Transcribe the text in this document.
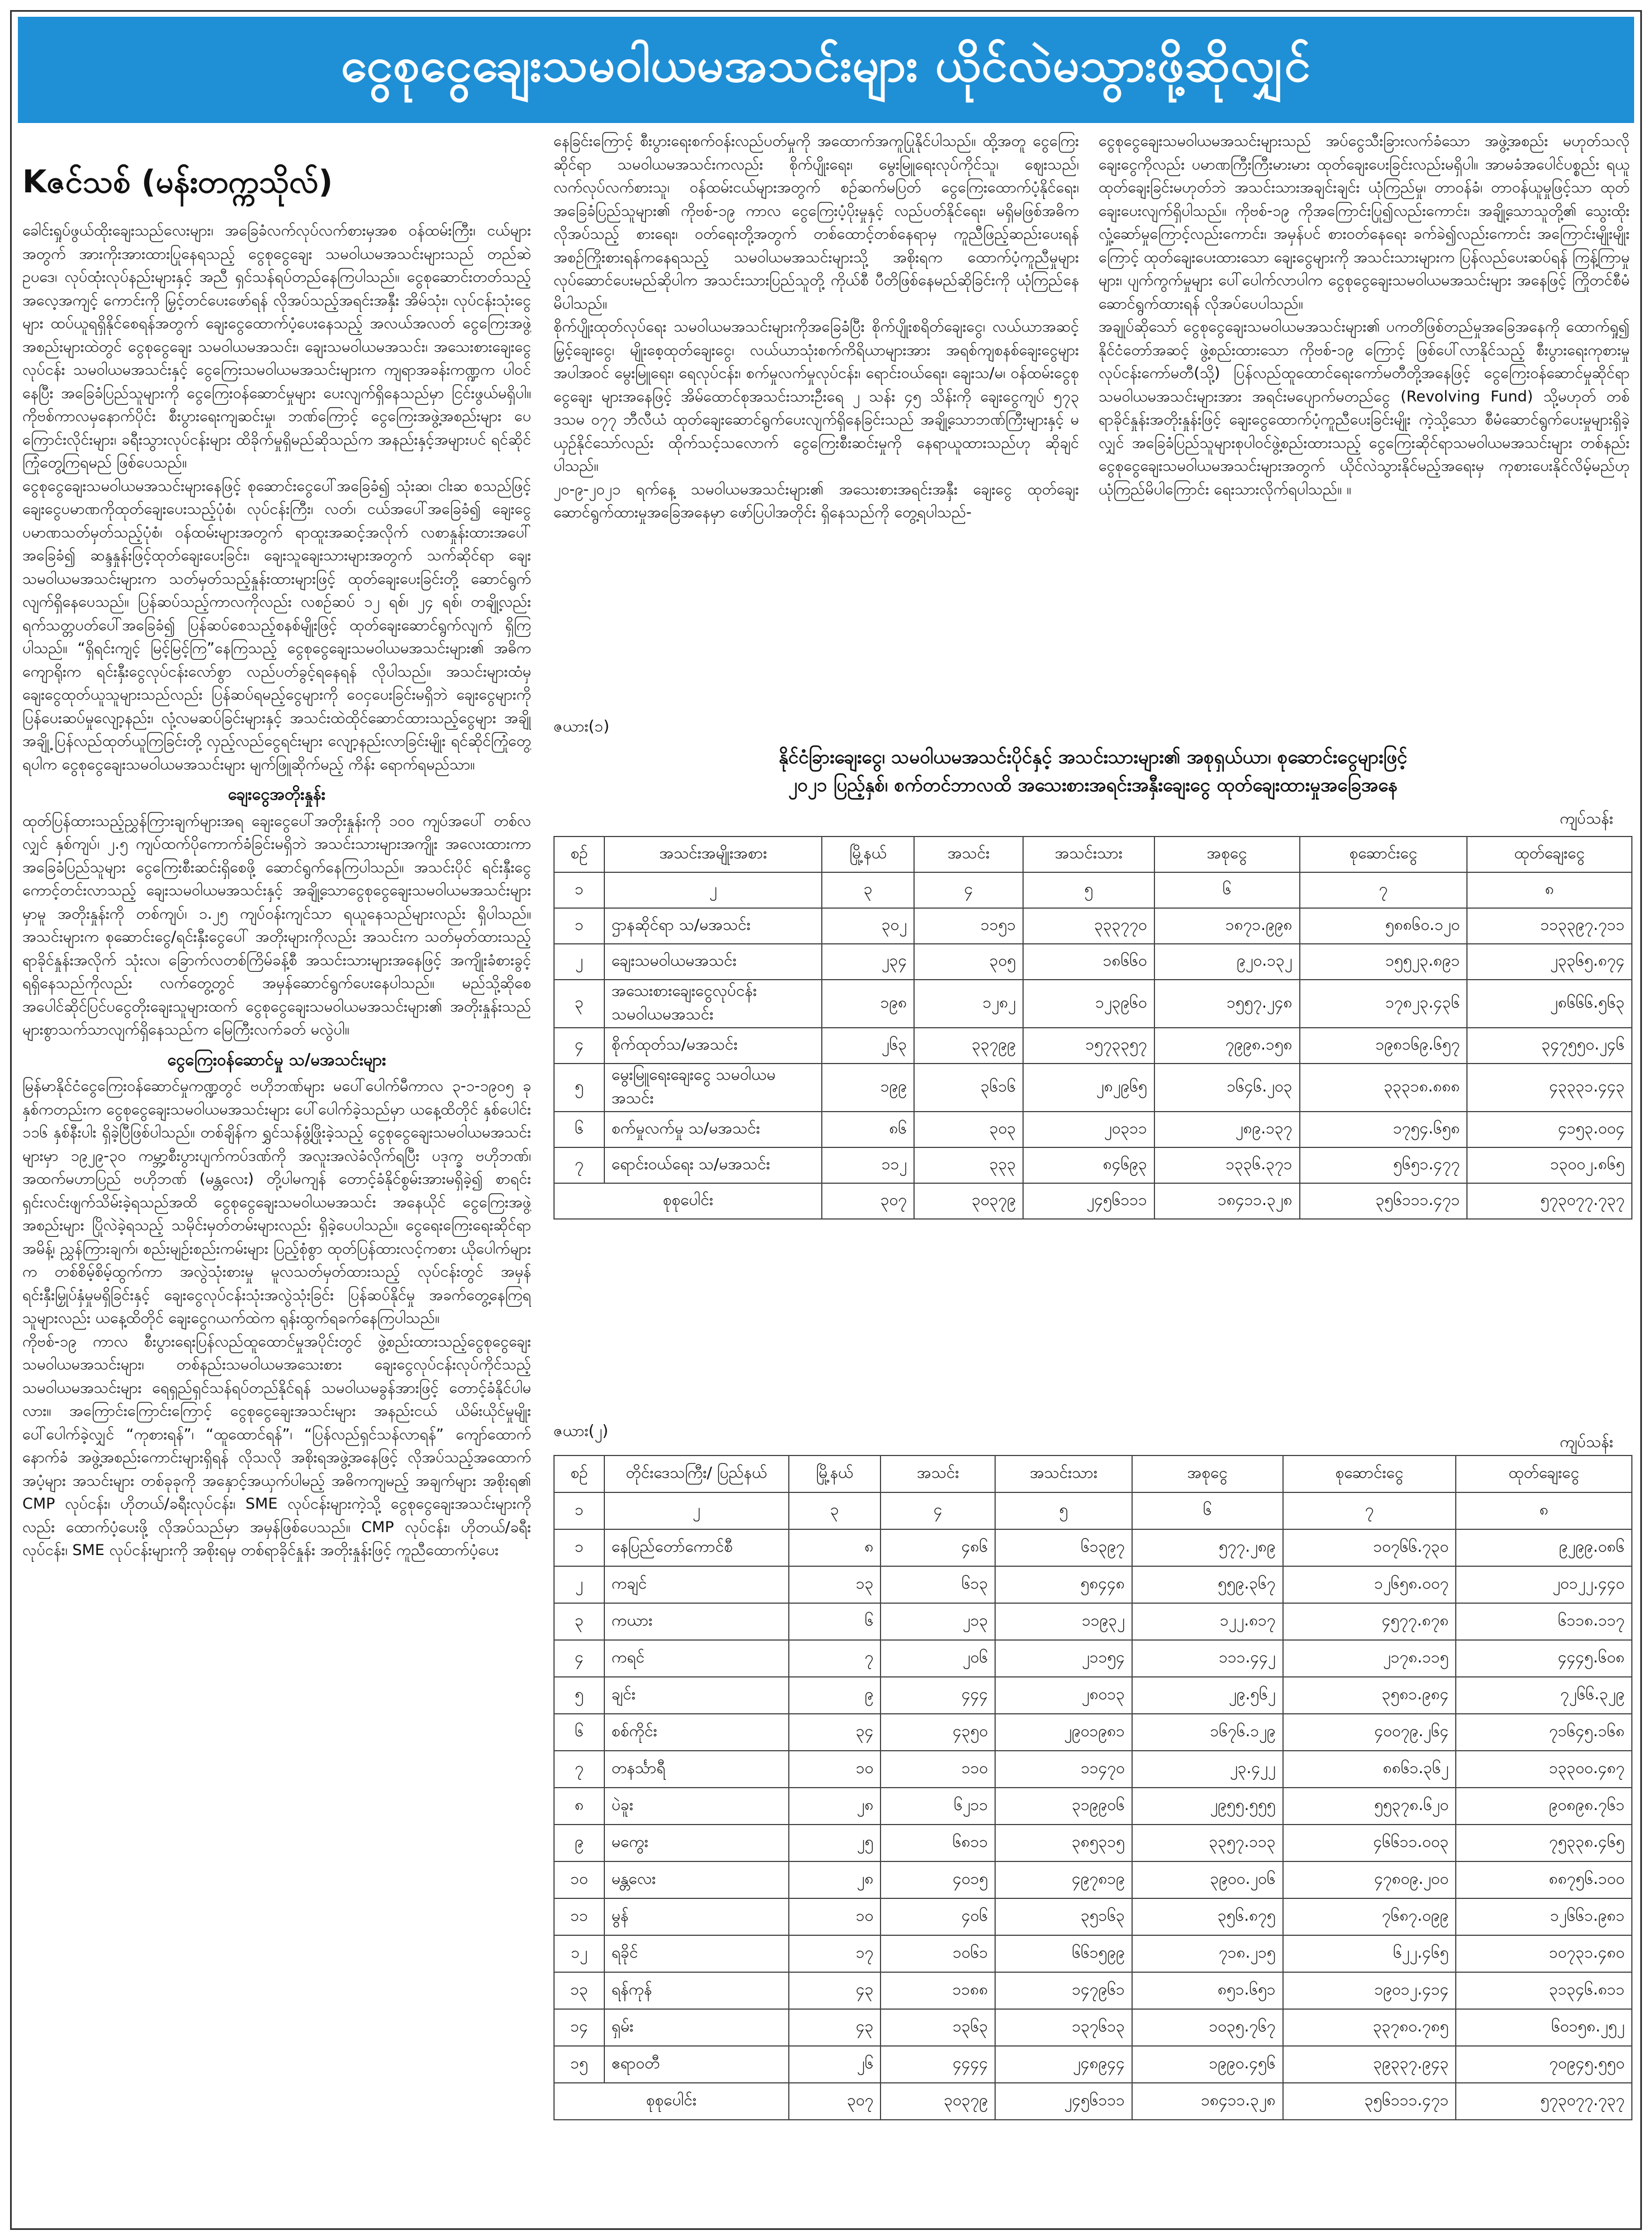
ငွေစုငွေချေးသမဝါယမအသင်းများ ယိုင်လဲမသွားဖို့ဆိုလျှင်
Kဇင်သစ် (မန်းတက္ကသိုလ်)

ခေါင်းရှုပ်ဖွယ်ထိုးချေးသည်လေးများ၊ အခြေခံလက်လုပ်လက်စားမှအစ ဝန်ထမ်းကြီး၊ ငယ်များအတွက် အားကိုးအားထားပြုနေရသည့် ငွေစုငွေချေး သမဝါယမအသင်းများသည် တည်ဆဲဥပဒေ၊ လုပ်ထုံးလုပ်နည်းများနှင့် အညီ ရှင်သန်ရပ်တည်နေကြပါသည်။ ငွေစုဆောင်းတတ်သည့် အလေ့အကျင့် ကောင်းကို မြှင့်တင်ပေးဖော်ရန် လိုအပ်သည့်အရင်းအနှီး အိမ်သုံး၊ လုပ်ငန်းသုံးငွေများ ထပ်ယူရရှိနိုင်စေရန်အတွက် ချေးငွေထောက်ပံ့ပေးနေသည့် အလယ်အလတ် ငွေကြေးအဖွဲ့အစည်းများထဲတွင် ငွေစုငွေချေး သမဝါယမအသင်း၊ ချေးသမဝါယမအသင်း၊ အသေးစားချေးငွေလုပ်ငန်း သမဝါယမအသင်းနှင့် ငွေကြေးသမဝါယမအသင်းများက ကျရာအခန်းကဏ္ဍက ပါဝင်နေပြီး အခြေခံပြည်သူများကို ငွေကြေးဝန်ဆောင်မှုများ ပေးလျက်ရှိနေသည်မှာ ငြင်းဖွယ်မရှိပါ။ ကိုဗစ်ကာလမှနောက်ပိုင်း စီးပွားရေးကျဆင်းမှု၊ ဘဏ်ကြောင့် ငွေကြေးအဖွဲ့အစည်းများ ပေကြောင်းလိုင်းများ၊ ခရီးသွားလုပ်ငန်းများ ထိခိုက်မှုရှိမည်ဆိုသည်က အနည်းနှင့်အများပင် ရင်ဆိုင်ကြုံတွေ့ကြရမည် ဖြစ်ပေသည်။

ငွေစုငွေချေးသမဝါယမအသင်းများနေဖြင့် စုဆောင်းငွေပေါ်အခြေခံ၍ သုံးဆ၊ ငါးဆ စသည်ဖြင့် ချေးငွေပမာဏကိုထုတ်ချေးပေးသည့်ပုံစံ၊ လုပ်ငန်းကြီး၊ လတ်၊ ငယ်အပေါ်အခြေခံ၍ ချေးငွေပမာဏသတ်မှတ်သည့်ပုံစံ၊ ဝန်ထမ်းများအတွက် ရာထူးအဆင့်အလိုက် လစာနှုန်းထားအပေါ် အခြေခံ၍ ဆန္ဒနှုန်းဖြင့်ထုတ်ချေးပေးခြင်း၊ ချေးသူချေးသားများအတွက် သက်ဆိုင်ရာ ချေးသမဝါယမအသင်းများက သတ်မှတ်သည့်နှုန်းထားများဖြင့် ထုတ်ချေးပေးခြင်းတို့ ဆောင်ရွက်လျက်ရှိနေပေသည်။ ပြန်ဆပ်သည့်ကာလကိုလည်း လစဉ်ဆပ် ၁၂ ရစ်၊ ၂၄ ရစ်၊ တချို့လည်း ရက်သတ္တပတ်ပေါ်အခြေခံ၍ ပြန်ဆပ်စေသည့်စနစ်မျိုးဖြင့် ထုတ်ချေးဆောင်ရွက်လျက် ရှိကြပါသည်။ “ရှိရင်းကျင့် မြင့်မြင့်ကြ”နေကြသည့် ငွေစုငွေချေးသမဝါယမအသင်းများ၏ အဓိကကျောရိုးက ရင်းနှီးငွေလုပ်ငန်းလော်စွာ လည်ပတ်ခွင့်ရနေရန် လိုပါသည်။ အသင်းများထံမှ ချေးငွေထုတ်ယူသူများသည်လည်း ပြန်ဆပ်ရမည့်ငွေများကို ဝေငှပေးခြင်းမရှိဘဲ ချေးငွေများကို ပြန်ပေးဆပ်မှုလျော့နည်း၊ လုံ့လမဆပ်ခြင်းများနှင့် အသင်းထဲထိုင်ဆောင်ထားသည့်ငွေများ အချို့ အချို့ ပြန်လည်ထုတ်ယူကြခြင်းတို့ လှည့်လည်ငွေရင်းများ လျော့နည်းလာခြင်းမျိုး ရင်ဆိုင်ကြုံတွေ့ရပါက ငွေစုငွေချေးသမဝါယမအသင်းများ မျက်ဖြူဆိုက်မည့် ကိန်း ရောက်ရမည်သာ။

ချေးငွေအတိုးနှုန်း

ထုတ်ပြန်ထားသည့်ညွှန်ကြားချက်များအရ ချေးငွေပေါ်အတိုးနှုန်းကို ၁၀၀ ကျပ်အပေါ် တစ်လလျှင် နှစ်ကျပ်၊ ၂.၅ ကျပ်ထက်ပိုကောက်ခံခြင်းမရှိဘဲ အသင်းသားများအကျိုး အလေးထားကာ အခြေခံပြည်သူများ ငွေကြေးစီးဆင်းရှိစေဖို့ ဆောင်ရွက်နေကြပါသည်။ အသင်းပိုင် ရင်းနှီးငွေကောင့်တင်းလာသည့် ချေးသမဝါယမအသင်းနှင့် အချို့သောငွေစုငွေချေးသမဝါယမအသင်းများမှာမူ အတိုးနှုန်းကို တစ်ကျပ်၊ ၁.၂၅ ကျပ်ဝန်းကျင်သာ ရယူနေသည်များလည်း ရှိပါသည်။ အသင်းများက စုဆောင်းငွေ/ရင်းနှီးငွေပေါ် အတိုးများကိုလည်း အသင်းက သတ်မှတ်ထားသည့် ရာခိုင်နှုန်းအလိုက် သုံးလ၊ ခြောက်လတစ်ကြိမ်ခန့်စီ အသင်းသားများအနေဖြင့် အကျိုးခံစားခွင့်ရရှိနေသည်ကိုလည်း လက်တွေ့တွင် အမှန်ဆောင်ရွက်ပေးနေပါသည်။ မည်သို့ဆိုစေ အပေါင်ဆိုင်ပြင်ပငွေတိုးချေးသူများထက် ငွေစုငွေချေးသမဝါယမအသင်းများ၏ အတိုးနှုန်းသည် များစွာသက်သာလျက်ရှိနေသည်က မြေကြီးလက်ခတ် မလွဲပါ။

ငွေကြေးဝန်ဆောင်မှု သ/မအသင်းများ

မြန်မာနိုင်ငံငွေကြေးဝန်ဆောင်မှုကဏ္ဍတွင် ဗဟိုဘဏ်များ မပေါ်ပေါက်မီကာလ ၃-၁-၁၉၀၅ ခုနှစ်ကတည်းက ငွေစုငွေချေးသမဝါယမအသင်းများ ပေါ်ပေါက်ခဲ့သည်မှာ ယနေ့ထိတိုင် နှစ်ပေါင်း ၁၁၆ နှစ်နီးပါး ရှိခဲ့ပြီဖြစ်ပါသည်။ တစ်ချိန်က ရွှင်သန်ဖွံ့ဖြိုးခဲ့သည့် ငွေစုငွေချေးသမဝါယမအသင်းများမှာ ၁၉၂၉-၃၀ ကမ္ဘာ့စီးပွားပျက်ကပ်ဒဏ်ကို အလူးအလဲခံလိုက်ရပြီး ပဒုက္ခ ဗဟိုဘဏ်၊ အထက်မဟာပြည် ဗဟိုဘဏ် (မန္တလေး) တို့ပါမကျန် တောင့်ခံနိုင်စွမ်းအားမရှိခဲ့၍ စာရင်းရှင်းလင်းဖျက်သိမ်းခဲ့ရသည်အထိ ငွေစုငွေချေးသမဝါယမအသင်း အနေယိုင် ငွေကြေးအဖွဲ့အစည်းများ ပြိုလဲခဲ့ရသည့် သမိုင်းမှတ်တမ်းများလည်း ရှိခဲ့ပေပါသည်။ ငွေရေးကြေးရေးဆိုင်ရာ အမိန့်၊ ညွှန်ကြားချက်၊ စည်းမျဉ်းစည်းကမ်းများ ပြည့်စုံစွာ ထုတ်ပြန်ထားလင့်ကစား ယိုပေါက်များက တစ်စိမ့်စိမ့်ထွက်ကာ အလွဲသုံးစားမှု မူလသတ်မှတ်ထားသည့် လုပ်ငန်းတွင် အမှန်ရင်းနှီးမြှုပ်နှံမှုမရှိခြင်းနှင့် ချေးငွေလုပ်ငန်းသုံးအလွဲသုံးခြင်း ပြန်ဆပ်နိုင်မှု အခက်တွေ့နေကြရသူများလည်း ယနေ့ထိတိုင် ချေးငွေဂယက်ထဲက ရုန်းထွက်ရခက်နေကြပါသည်။

ကိုဗစ်-၁၉ ကာလ စီးပွားရေးပြန်လည်ထူထောင်မှုအပိုင်းတွင် ဖွဲ့စည်းထားသည့်ငွေစုငွေချေးသမဝါယမအသင်းများ၊ တစ်နည်းသမဝါယမအသေးစား ချေးငွေလုပ်ငန်းလုပ်ကိုင်သည့် သမဝါယမအသင်းများ ရေရှည်ရှင်သန်ရပ်တည်နိုင်ရန် သမဝါယမခွန်အားဖြင့် တောင့်ခံနိုင်ပါမလား။ အကြောင်းကြောင်းကြောင့် ငွေစုငွေချေးအသင်းများ အနည်းငယ် ယိမ်းယိုင်မှုမျိုး ပေါ်ပေါက်ခဲ့လျှင် “ကုစားရန်”၊ “ထူထောင်ရန်”၊ “ပြန်လည်ရှင်သန်လာရန်” ကျော်ထောက်နောက်ခံ အဖွဲ့အစည်းကောင်းများရှိရန် လိုသလို အစိုးရအဖွဲ့အနေဖြင့် လိုအပ်သည့်အထောက်အပံ့များ အသင်းများ တစ်ခုခုကို အနှောင့်အယှက်ပါမည့် အဓိကကျမည့် အချက်များ အစိုးရ၏ CMP လုပ်ငန်း၊ ဟိုတယ်/ခရီးလုပ်ငန်း၊ SME လုပ်ငန်းများကဲ့သို့ ငွေစုငွေချေးအသင်းများကိုလည်း ထောက်ပံ့ပေးဖို့ လိုအပ်သည်မှာ အမှန်ဖြစ်ပေသည်။ CMP လုပ်ငန်း၊ ဟိုတယ်/ခရီးလုပ်ငန်း၊ SME လုပ်ငန်းများကို အစိုးရမှ တစ်ရာခိုင်နှုန်း အတိုးနှုန်းဖြင့် ကူညီထောက်ပံ့ပေး

နေခြင်းကြောင့် စီးပွားရေးစက်ဝန်းလည်ပတ်မှုကို အထောက်အကူပြုနိုင်ပါသည်။ ထို့အတူ ငွေကြေးဆိုင်ရာ သမဝါယမအသင်းကလည်း စိုက်ပျိုးရေး၊ မွေးမြူရေးလုပ်ကိုင်သူ၊ ဈေးသည်၊ လက်လုပ်လက်စားသူ၊ ဝန်ထမ်းငယ်များအတွက် စဉ်ဆက်မပြတ် ငွေကြေးထောက်ပံ့နိုင်ရေး၊ အခြေခံပြည်သူများ၏ ကိုဗစ်-၁၉ ကာလ ငွေကြေးပံ့ပိုးမှုနှင့် လည်ပတ်နိုင်ရေး၊ မရှိမဖြစ်အဓိကလိုအပ်သည့် စားရေး၊ ဝတ်ရေးတို့အတွက် တစ်ထောင့်တစ်နေရာမှ ကူညီဖြည့်ဆည်းပေးရန် အစဉ်ကြိုးစားရန်ကနေရသည့် သမဝါယမအသင်းများသို့ အစိုးရက ထောက်ပံ့ကူညီမှုများ လုပ်ဆောင်ပေးမည်ဆိုပါက အသင်းသားပြည်သူတို့ ကိုယ်စီ ပီတိဖြစ်နေမည်ဆိုခြင်းကို ယုံကြည်နေမိပါသည်။

စိုက်ပျိုးထုတ်လုပ်ရေး သမဝါယမအသင်းများကိုအခြေခံပြီး စိုက်ပျိုးစရိတ်ချေးငွေ၊ လယ်ယာအဆင့်မြှင့်ချေးငွေ၊ မျိုးစေ့ထုတ်ချေးငွေ၊ လယ်ယာသုံးစက်ကိရိယာများအား အရစ်ကျစနစ်ချေးငွေများအပါအဝင် မွေးမြူရေး၊ ရေလုပ်ငန်း၊ စက်မှုလက်မှုလုပ်ငန်း၊ ရောင်းဝယ်ရေး၊ ချေးသ/မ၊ ဝန်ထမ်းငွေစုငွေချေး များအနေဖြင့် အိမ်ထောင်စုအသင်းသားဦးရေ ၂ သန်း ၄၅ သိန်းကို ချေးငွေကျပ် ၅၇၃ ဒသမ ၀၇၇ ဘီလီယံ ထုတ်ချေးဆောင်ရွက်ပေးလျက်ရှိနေခြင်းသည် အချို့သောဘဏ်ကြီးများနှင့် မယှဉ်နိုင်သော်လည်း ထိုက်သင့်သလောက် ငွေကြေးစီးဆင်းမှုကို နေရာယူထားသည်ဟု ဆိုချင်ပါသည်။

၂၀-၉-၂၀၂၁ ရက်နေ့ သမဝါယမအသင်းများ၏ အသေးစားအရင်းအနှီး ချေးငွေ ထုတ်ချေးဆောင်ရွက်ထားမှုအခြေအနေမှာ ဖော်ပြပါအတိုင်း ရှိနေသည်ကို တွေ့ရပါသည်-

ငွေစုငွေချေးသမဝါယမအသင်းများသည် အပ်ငွေသီးခြားလက်ခံသော အဖွဲ့အစည်း မဟုတ်သလို ချေးငွေကိုလည်း ပမာဏကြီးကြီးမားမား ထုတ်ချေးပေးခြင်းလည်းမရှိပါ။ အာမခံအပေါင်ပစ္စည်း ရယူထုတ်ချေးခြင်းမဟုတ်ဘဲ အသင်းသားအချင်းချင်း ယုံကြည်မှု၊ တာဝန်ခံ၊ တာဝန်ယူမှုဖြင့်သာ ထုတ်ချေးပေးလျက်ရှိပါသည်။ ကိုဗစ်-၁၉ ကိုအကြောင်းပြု၍လည်းကောင်း၊ အချို့သောသူတို့၏ သွေးထိုးလှုံ့ဆော်မှုကြောင့်လည်းကောင်း၊ အမှန်ပင် စားဝတ်နေရေး ခက်ခဲ၍လည်းကောင်း အကြောင်းမျိုးမျိုးကြောင့် ထုတ်ချေးပေးထားသော ချေးငွေများကို အသင်းသားများက ပြန်လည်ပေးဆပ်ရန် ကြန့်ကြာမှုများ၊ ပျက်ကွက်မှုများ ပေါ်ပေါက်လာပါက ငွေစုငွေချေးသမဝါယမအသင်းများ အနေဖြင့် ကြိုတင်စီမံဆောင်ရွက်ထားရန် လိုအပ်ပေပါသည်။

အချုပ်ဆိုသော် ငွေစုငွေချေးသမဝါယမအသင်းများ၏ ပကတိဖြစ်တည်မှုအခြေအနေကို ထောက်ရှု၍ နိုင်ငံတော်အဆင့် ဖွဲ့စည်းထားသော ကိုဗစ်-၁၉ ကြောင့် ဖြစ်ပေါ်လာနိုင်သည့် စီးပွားရေးကုစားမှု လုပ်ငန်းကော်မတီ(သို့) ပြန်လည်ထူထောင်ရေးကော်မတီတို့အနေဖြင့် ငွေကြေးဝန်ဆောင်မှုဆိုင်ရာ သမဝါယမအသင်းများအား အရင်းမပျောက်မတည်ငွေ (Revolving Fund) သို့မဟုတ် တစ်ရာခိုင်နှုန်းအတိုးနှုန်းဖြင့် ချေးငွေထောက်ပံ့ကူညီပေးခြင်းမျိုး ကဲ့သို့သော စီမံဆောင်ရွက်ပေးမှုများရှိခဲ့လျှင် အခြေခံပြည်သူများစုပါဝင်ဖွဲ့စည်းထားသည့် ငွေကြေးဆိုင်ရာသမဝါယမအသင်းများ တစ်နည်းငွေစုငွေချေးသမဝါယမအသင်းများအတွက် ယိုင်လဲသွားနိုင်မည့်အရေးမှ ကုစားပေးနိုင်လိမ့်မည်ဟု ယုံကြည်မိပါကြောင်း ရေးသားလိုက်ရပါသည်။ ။

ဇယား(၁)
နိုင်ငံခြားချေးငွေ၊ သမဝါယမအသင်းပိုင်နှင့် အသင်းသားများ၏ အစုရှယ်ယာ၊ စုဆောင်းငွေများဖြင့်
၂၀၂၁ ပြည့်နှစ်၊ စက်တင်ဘာလထိ အသေးစားအရင်းအနှီးချေးငွေ ထုတ်ချေးထားမှုအခြေအနေ
ကျပ်သန်း
စဉ်	အသင်းအမျိုးအစား	မြို့နယ်	အသင်း	အသင်းသား	အစုငွေ	စုဆောင်းငွေ	ထုတ်ချေးငွေ
၁	၂	၃	၄	၅	၆	၇	၈
၁	ဌာနဆိုင်ရာ သ/မအသင်း	၃၀၂	၁၁၅၁	၃၃၃၇၇၀	၁၈၇၁.၉၉၈	၅၈၈၆၀.၁၂၀	၁၁၃၃၉၇.၇၁၁
၂	ချေးသမဝါယမအသင်း	၂၃၄	၃၀၅	၁၈၆၆၀	၉၂၀.၁၃၂	၁၅၅၂၃.၈၉၁	၂၃၃၆၅.၈၇၄
၃	အသေးစားချေးငွေလုပ်ငန်း သမဝါယမအသင်း	၁၉၈	၁၂၈၂	၁၂၃၉၆၀	၁၅၅၇.၂၄၈	၁၇၈၂၃.၄၃၆	၂၈၆၆၆.၅၆၃
၄	စိုက်ထုတ်သ/မအသင်း	၂၆၃	၃၃၇၉၉	၁၅၇၃၃၅၇	၇၉၉၈.၁၅၈	၁၉၈၁၆၉.၆၅၇	၃၄၇၅၅၀.၂၄၆
၅	မွေးမြူရေးချေးငွေ သမဝါယမအသင်း	၁၉၉	၃၆၁၆	၂၈၂၉၆၅	၁၆၄၆.၂၀၃	၃၃၃၁၈.၈၈၈	၄၃၃၃၁.၄၄၃
၆	စက်မှုလက်မှု သ/မအသင်း	၈၆	၃၀၃	၂၀၃၁၁	၂၈၉.၁၃၇	၁၇၅၄.၆၅၈	၄၁၅၃.၀၀၄
၇	ရောင်းဝယ်ရေး သ/မအသင်း	၁၁၂	၃၃၃	၈၄၆၉၃	၁၃၃၆.၃၇၁	၅၆၅၁.၄၇၇	၁၃၀၀၂.၈၆၅
စုစုပေါင်း		၃၀၇	၃၀၃၇၉	၂၄၅၆၁၁၁	၁၈၄၁၁.၃၂၈	၃၅၆၁၁၁.၄၇၁	၅၇၃၀၇၇.၇၃၇
ဇယား(၂)
ကျပ်သန်း
စဉ်	တိုင်းဒေသကြီး/ ပြည်နယ်	မြို့နယ်	အသင်း	အသင်းသား	အစုငွေ	စုဆောင်းငွေ	ထုတ်ချေးငွေ
၁	၂	၃	၄	၅	၆	၇	၈
၁	နေပြည်တော်ကောင်စီ	၈	၄၈၆	၆၁၃၉၇	၅၇၇.၂၈၉	၁၀၇၆၆.၇၃၀	၉၂၉၉.၀၈၆
၂	ကချင်	၁၃	၆၁၃	၅၈၄၄၈	၅၅၉.၃၆၇	၁၂၆၅၈.၀၀၇	၂၀၁၂၂.၄၄၀
၃	ကယား	၆	၂၁၃	၁၁၉၃၂	၁၂၂.၈၁၇	၄၅၇၇.၈၇၈	၆၁၁၈.၁၁၇
၄	ကရင်	၇	၂၀၆	၂၁၁၅၄	၁၁၁.၄၄၂	၂၁၇၈.၁၁၅	၄၄၄၅.၆၀၈
၅	ချင်း	၉	၄၄၄	၂၈၀၁၃	၂၉.၅၆၂	၃၅၈၁.၉၈၄	၇၂၆၆.၃၂၉
၆	စစ်ကိုင်း	၃၄	၄၃၅၀	၂၉၀၁၉၈၁	၁၆၇၆.၁၂၉	၄၀၀၇၉.၂၆၄	၇၁၆၄၅.၁၆၈
၇	တနင်္သာရီ	၁၀	၁၁၀	၁၁၄၇၀	၂၃.၄၂၂	၈၈၆၁.၃၆၂	၁၃၃၀၀.၄၈၇
၈	ပဲခူး	၂၈	၆၂၁၁	၃၁၉၉၀၆	၂၉၅၅.၅၅၅	၅၅၃၇၈.၆၂၀	၉၀၈၉၈.၇၆၁
၉	မကွေး	၂၅	၆၈၁၁	၃၈၅၃၁၅	၃၃၅၇.၁၁၃	၄၆၆၁၁.၀၀၃	၇၅၃၃၈.၄၆၅
၁၀	မန္တလေး	၂၈	၄၀၁၅	၄၉၇၈၁၉	၃၉၀၀.၂၀၆	၄၇၈၀၉.၂၀၀	၈၈၇၅၆.၁၀၀
၁၁	မွန်	၁၀	၄၀၆	၃၅၁၆၃	၃၅၆.၈၇၅	၇၆၈၇.၀၉၉	၁၂၆၆၁.၉၈၁
၁၂	ရခိုင်	၁၇	၁၀၆၁	၆၆၁၅၉၉	၇၁၈.၂၁၅	၆၂၂.၄၆၅	၁၀၇၃၁.၄၈၀
၁၃	ရန်ကုန်	၄၃	၁၁၈၈	၁၄၇၉၆၁	၈၅၁.၆၅၁	၁၉၀၁၂.၄၁၄	၃၁၃၄၆.၈၁၁
၁၄	ရှမ်း	၄၃	၁၃၆၃	၁၃၇၆၁၃	၁၀၃၅.၇၆၇	၃၃၇၈၀.၇၈၅	၆၀၁၅၈.၂၅၂
၁၅	ဧရာဝတီ	၂၆	၄၄၄၄	၂၄၈၉၄၄	၁၉၉၀.၄၅၆	၃၉၃၃၇.၉၄၃	၇၀၉၄၅.၅၅၀
စုစုပေါင်း		၃၀၇	၃၀၃၇၉	၂၄၅၆၁၁၁	၁၈၄၁၁.၃၂၈	၃၅၆၁၁၁.၄၇၁	၅၇၃၀၇၇.၇၃၇
